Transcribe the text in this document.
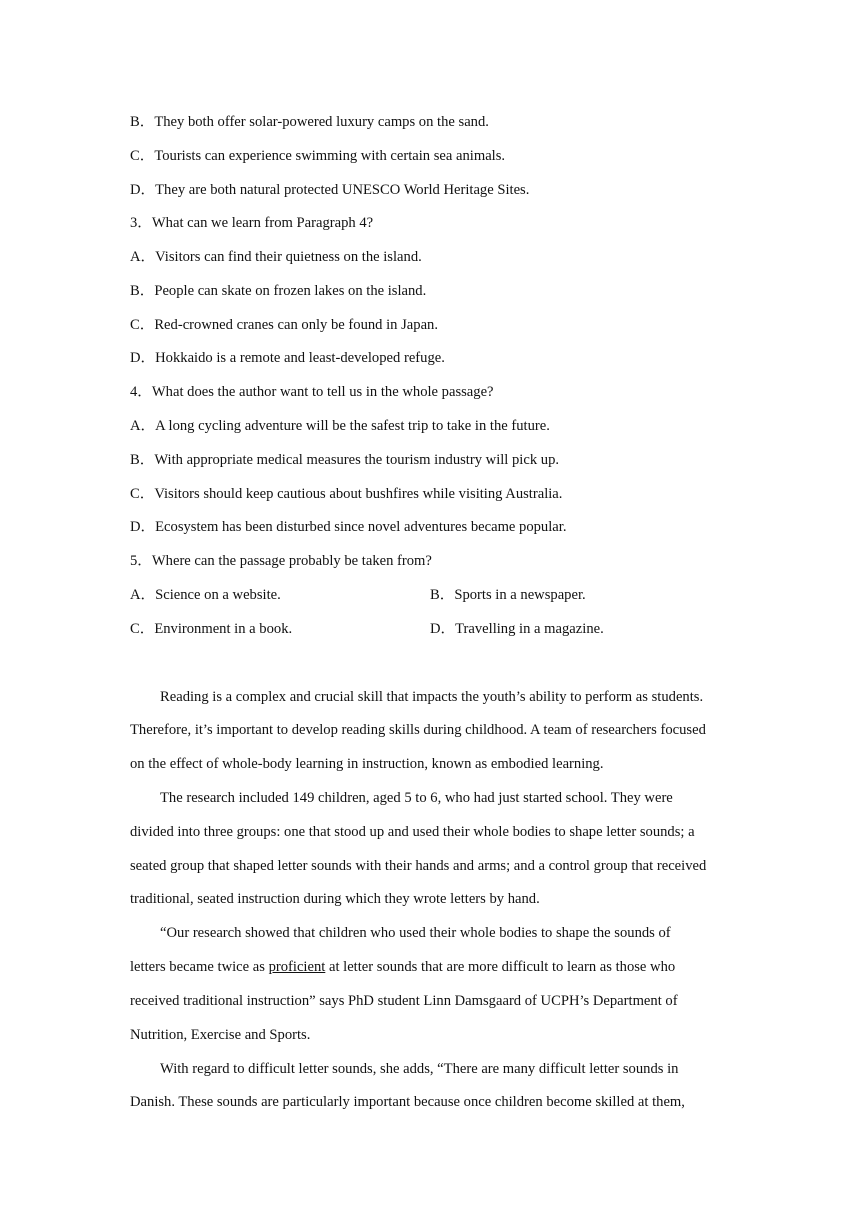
B．They both offer solar-powered luxury camps on the sand.
C．Tourists can experience swimming with certain sea animals.
D．They are both natural protected UNESCO World Heritage Sites.
3．What can we learn from Paragraph 4?
A．Visitors can find their quietness on the island.
B．People can skate on frozen lakes on the island.
C．Red-crowned cranes can only be found in Japan.
D．Hokkaido is a remote and least-developed refuge.
4．What does the author want to tell us in the whole passage?
A．A long cycling adventure will be the safest trip to take in the future.
B．With appropriate medical measures the tourism industry will pick up.
C．Visitors should keep cautious about bushfires while visiting Australia.
D．Ecosystem has been disturbed since novel adventures became popular.
5．Where can the passage probably be taken from?
A．Science on a website.	B．Sports in a newspaper.
C．Environment in a book.	D．Travelling in a magazine.
Reading is a complex and crucial skill that impacts the youth’s ability to perform as students.
Therefore, it’s important to develop reading skills during childhood. A team of researchers focused
on the effect of whole-body learning in instruction, known as embodied learning.
The research included 149 children, aged 5 to 6, who had just started school. They were
divided into three groups: one that stood up and used their whole bodies to shape letter sounds; a
seated group that shaped letter sounds with their hands and arms; and a control group that received
traditional, seated instruction during which they wrote letters by hand.
“Our research showed that children who used their whole bodies to shape the sounds of
letters became twice as proficient at letter sounds that are more difficult to learn as those who
received traditional instruction” says PhD student Linn Damsgaard of UCPH’s Department of
Nutrition, Exercise and Sports.
With regard to difficult letter sounds, she adds, “There are many difficult letter sounds in
Danish. These sounds are particularly important because once children become skilled at them,
